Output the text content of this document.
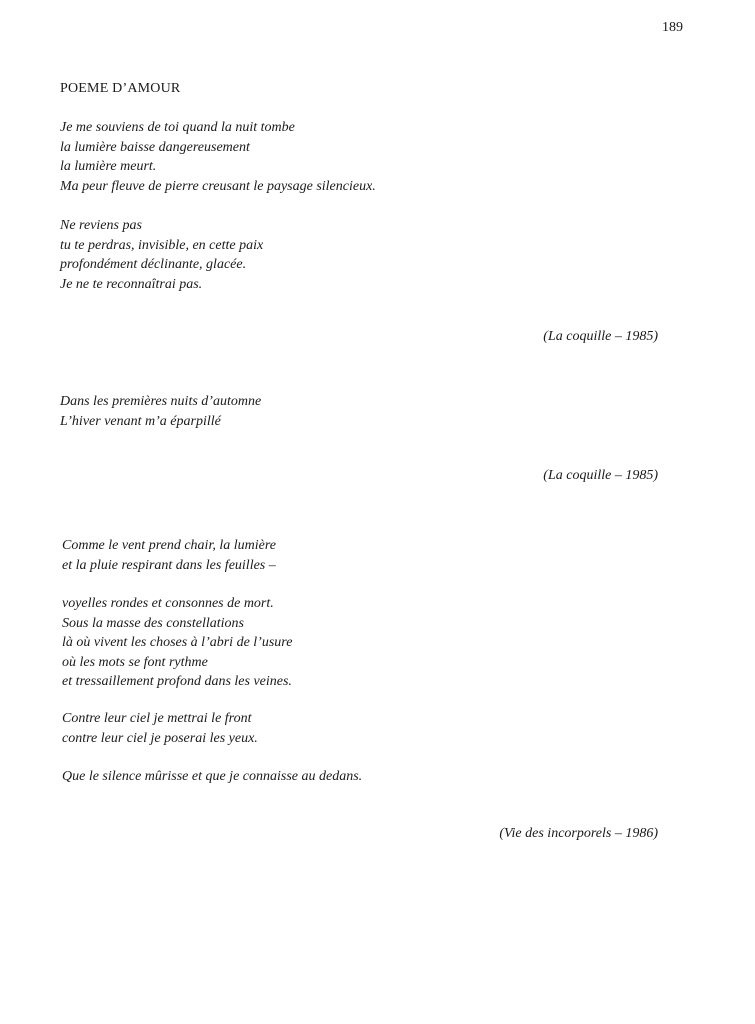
189
POEME D’AMOUR
Je me souviens de toi quand la nuit tombe
la lumière baisse dangereusement
la lumière meurt.
Ma peur fleuve de pierre creusant le paysage silencieux.
Ne reviens pas
tu te perdras, invisible, en cette paix
profondément déclinante, glacée.
Je ne te reconnaîtrai pas.
(La coquille – 1985)
Dans les premières nuits d’automne
L’hiver venant m’a éparpillé
(La coquille – 1985)
Comme le vent prend chair, la lumière
et la pluie respirant dans les feuilles –
voyelles rondes et consonnes de mort.
Sous la masse des constellations
là où vivent les choses à l’abri de l’usure
où les mots se font rythme
et tressaillement profond dans les veines.
Contre leur ciel je mettrai le front
contre leur ciel je poserai les yeux.
Que le silence mûrisse et que je connaisse au dedans.
(Vie des incorporels – 1986)
